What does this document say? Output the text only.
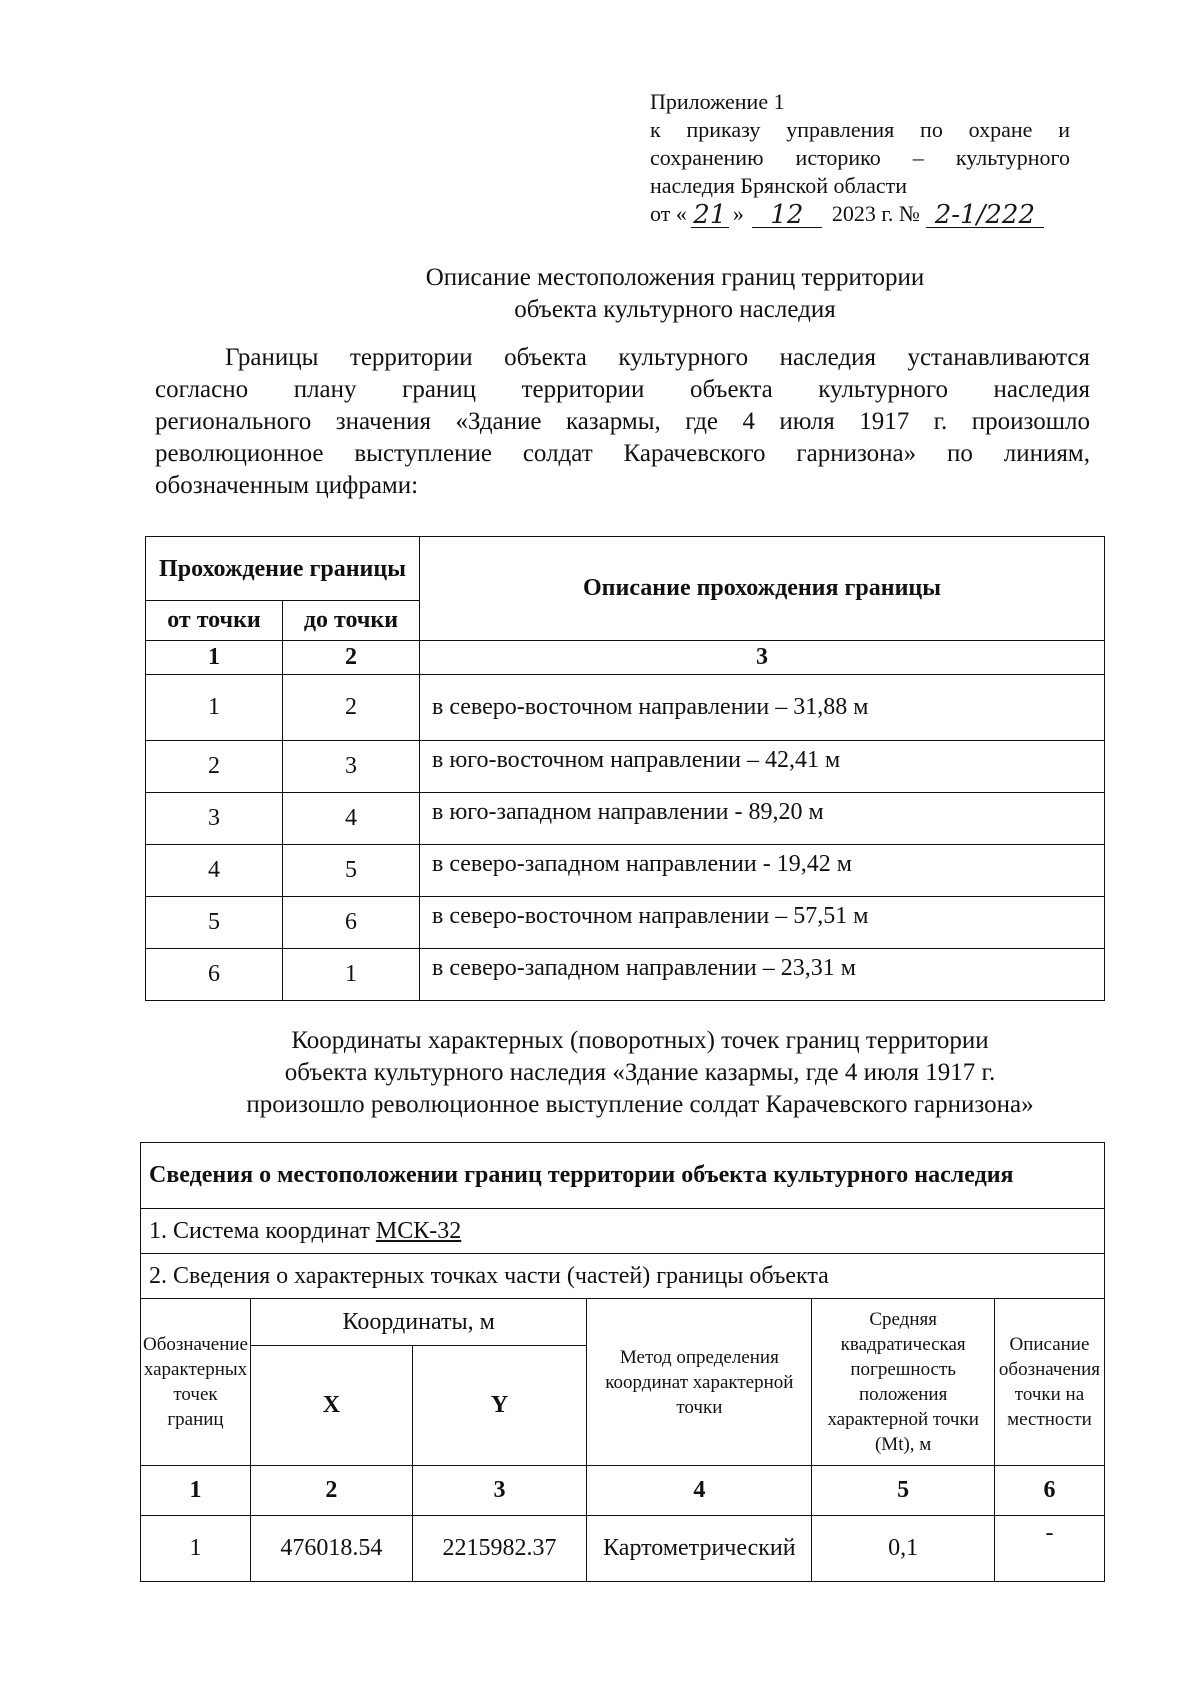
Приложение 1
к приказу управления по охране и
сохранению историко – культурного
наследия Брянской области
от « 21 »	12	2023 г. № 2-1/222
Описание местоположения границ территории
объекта культурного наследия
Границы территории объекта культурного наследия устанавливаются
согласно плану границ территории объекта культурного наследия
регионального значения «Здание казармы, где 4 июля 1917 г. произошло
революционное выступление солдат Карачевского гарнизона» по линиям,
обозначенным цифрами:
Прохождение границы		Описание прохождения границы
от точки	до точки	
1	2	3
1	2	в северо-восточном направлении – 31,88 м
2	3	в юго-восточном направлении – 42,41 м
3	4	в юго-западном направлении - 89,20 м
4	5	в северо-западном направлении - 19,42 м
5	6	в северо-восточном направлении – 57,51 м
6	1	в северо-западном направлении – 23,31 м
Координаты характерных (поворотных) точек границ территории
объекта культурного наследия «Здание казармы, где 4 июля 1917 г.
произошло революционное выступление солдат Карачевского гарнизона»
Сведения о местоположении границ территории объекта культурного наследия					
1. Система координат МСК-32					
2. Сведения о характерных точках части (частей) границы объекта					
Обозначение характерных точек границ	Координаты, м		Метод определения координат характерной точки	Средняя квадратическая погрешность положения характерной точки (Mt), м	Описание обозначения точки на местности
	X	Y			
1	2	3	4	5	6
1	476018.54	2215982.37	Картометрический	0,1	-
